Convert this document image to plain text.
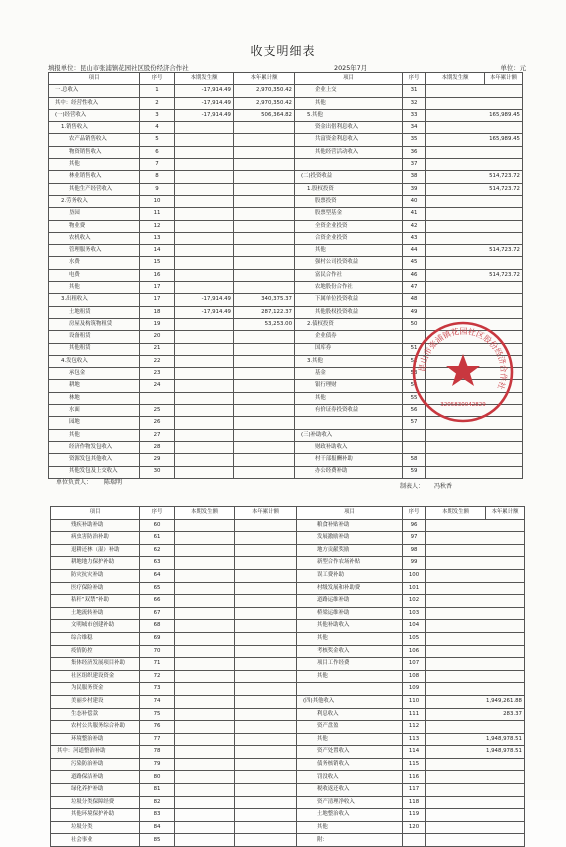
收支明细表
填报单位：昆山市张浦镇花园社区股份经济合作社	2025年7月	单位：元
项目	序号	本期发生额	本年累计额	项目	序号	本期发生额	本年累计额
一.总收入	1	-17,914.49	2,970,350.42	企业上交	31		
其中：经营性收入	2	-17,914.49	2,970,350.42	其他	32		
(一)经营收入	3	-17,914.49	506,364.82	5.其他	33	165,989.45	
1.销售收入	4			资金出借利息收入	34		
农产品销售收入	5			共富资金利息收入	35	165,989.45	
物资销售收入	6			其他经营活动收入	36		
其他	7				37		
林业销售收入	8			(二)投资收益	38	514,723.72	
其他生产经营收入	9			1.股权投资	39	514,723.72	
2.劳务收入	10			股票投资	40		
垦园	11			股票型基金	41		
物业费	12			全资企业投资	42		
农机收入	13			合资企业投资	43		
管理服务收入	14			其他	44	514,723.72	
水费	15			强村公司投资收益	45		
电费	16			富民合作社	46	514,723.72	
其他	17			农地股份合作社	47		
3.出租收入	17	-17,914.49	340,375.37	下属单位投资收益	48		
土地租赁	18	-17,914.49	287,122.37	其他股权投资收益	49		
房屋及构筑物租赁	19		53,253.00	2.债权投资	50		
设备租赁	20			企业债券			
其他租赁	21			国库券	51		
4.发包收入	22			3.其他	52		
承包金	23			基金	53		
耕地	24			银行理财	54		
林地				其他	55		
水面	25			有价证券投资收益	56		
园地	26				57		
其他	27			(三)补助收入			
经济作物发包收入	28			财政补助收入			
资源发包其他收入	29			村干部报酬补助	58		
其他发包及上交收入	30			办公经费补助	59		
单位负责人： 陈瑞明
制表人： 冯秋香
项目	序号	本期发生额	本年累计额	项目	序号	本期发生额	本年累计额
残疾补助补助	60			粮食补贴补助	96		
病虫害防治补助	61			发展激励补助	97		
退耕还林（湿）补助	62			地方贡献奖励	98		
耕地地力保护补助	63			新型合作农场补贴	99		
防灾抗灾补助	64			误工费补助	100		
医疗保险补助	65			村级发展和补助费	101		
秸秆“双禁”补助	66			道路运维补助	102		
土地流转补助	67			桥梁运维补助	103		
文明城市创建补助	68			其他补助收入	104		
综合维稳	69			其他	105		
疫情防控	70			考核奖金收入	106		
集体经济发展项目补助	71			项目工作经费	107		
社区组织建设资金	72			其他	108		
为民服务资金	73				109		
美丽乡村建设	74			(四)其他收入	110	1,949,261.88	
生态补偿款	75			利息收入	111	283.37	
农村公共服务综合补助	76			资产盘盈	112		
环境整治补助	77			其他	113	1,948,978.51	
其中：河道整治补助	78			资产处置收入	114	1,948,978.51	
污染防治补助	79			债务核销收入	115		
道路保洁补助	80			罚没收入	116		
绿化养护补助	81			税收返还收入	117		
垃圾分类保障经费	82			资产清理净收入	118		
其他环境保护补助	83			土地整治收入	119		
垃圾分类	84			其他	120		
社会事业	85			附：			
昆山市张浦镇花园社区股份经济合作社
3205830042829
